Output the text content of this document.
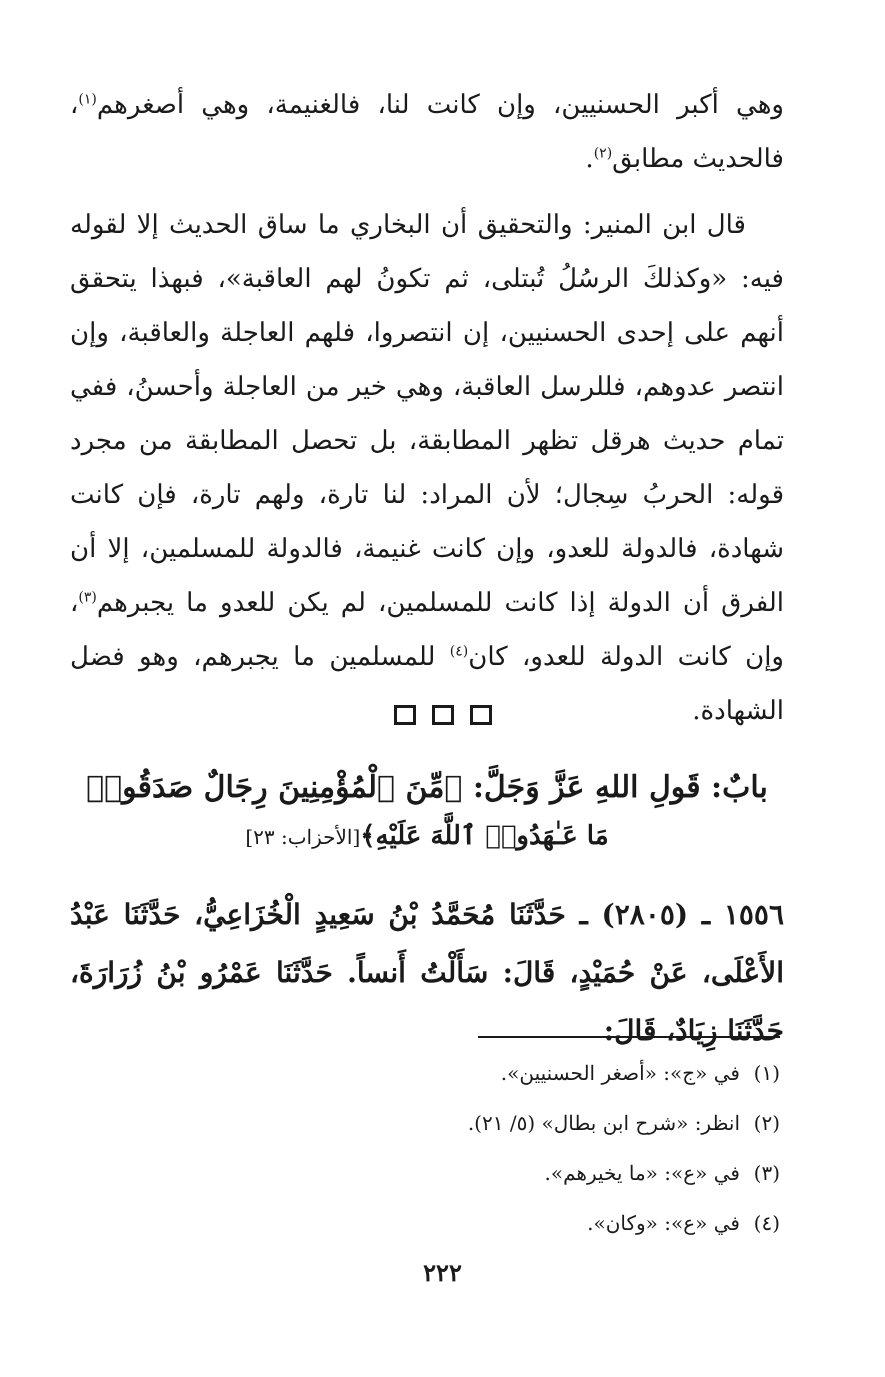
وهي أكبر الحسنيين، وإن كانت لنا، فالغنيمة، وهي أصغرهم$^{(١)}$، فالحديث مطابق$^{(٢)}$.

قال ابن المنير: والتحقيق أن البخاري ما ساق الحديث إلا لقوله فيه: «وكذلكَ الرسُلُ تُبتلى، ثم تكونُ لهم العاقبة»، فبهذا يتحقق أنهم على إحدى الحسنيين، إن انتصروا، فلهم العاجلة والعاقبة، وإن انتصر عدوهم، فللرسل العاقبة، وهي خير من العاجلة وأحسنُ، ففي تمام حديث هرقل تظهر المطابقة، بل تحصل المطابقة من مجرد قوله: الحربُ سِجال؛ لأن المراد: لنا تارة، ولهم تارة، فإن كانت شهادة، فالدولة للعدو، وإن كانت غنيمة، فالدولة للمسلمين، إلا أن الفرق أن الدولة إذا كانت للمسلمين، لم يكن للعدو ما يجبرهم$^{(٣)}$، وإن كانت الدولة للعدو، كان$^{(٤)}$ للمسلمين ما يجبرهم، وهو فضل الشهادة.

بابٌ: قَولِ اللهِ عَزَّ وَجَلَّ: ﴿مِّنَ ٱلْمُؤْمِنِينَ رِجَالٌ صَدَقُوا۟
مَا عَـٰهَدُوا۟ ٱللَّهَ عَلَيْهِ﴾[الأحزاب: ٢٣]

١٥٥٦ ـ (٢٨٠٥) ـ حَدَّثَنَا مُحَمَّدُ بْنُ سَعِيدٍ الْخُزَاعِيُّ، حَدَّثَنَا عَبْدُ الأَعْلَى، عَنْ حُمَيْدٍ، قَالَ: سَأَلْتُ أَنساً. حَدَّثَنَا عَمْرُو بْنُ زُرَارَةَ، حَدَّثَنَا زِيَادٌ، قَالَ:

(١)في «ج»: «أصغر الحسنيين».
(٢)انظر: «شرح ابن بطال» (٥/ ٢١).
(٣)في «ع»: «ما يخيرهم».
(٤)في «ع»: «وكان».
٢٢٢
